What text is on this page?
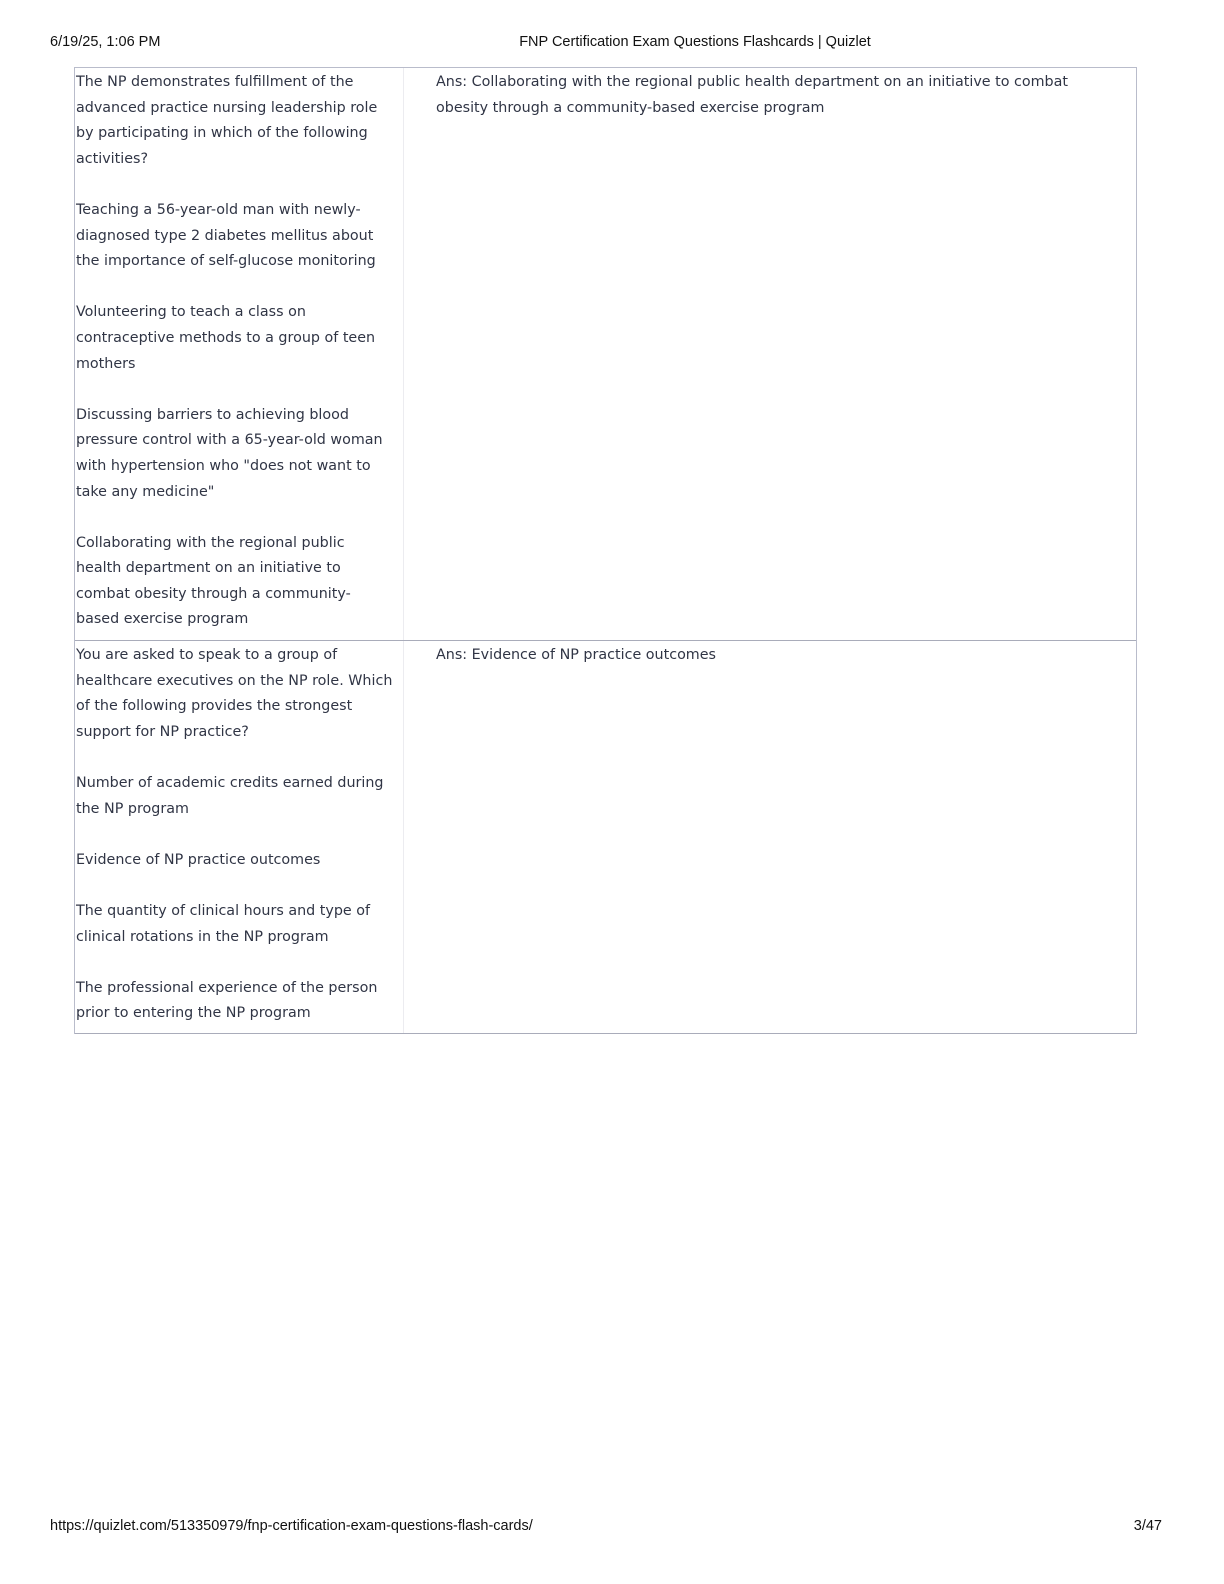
6/19/25, 1:06 PM	FNP Certification Exam Questions Flashcards | Quizlet

The NP demonstrates fulfillment of the advanced practice nursing leadership role by participating in which of the following activities?

Teaching a 56-year-old man with newly-diagnosed type 2 diabetes mellitus about the importance of self-glucose monitoring

Volunteering to teach a class on contraceptive methods to a group of teen mothers

Discussing barriers to achieving blood pressure control with a 65-year-old woman with hypertension who "does not want to take any medicine"

Collaborating with the regional public health department on an initiative to combat obesity through a community-based exercise program

Ans: Collaborating with the regional public health department on an initiative to combat obesity through a community-based exercise program

You are asked to speak to a group of healthcare executives on the NP role. Which of the following provides the strongest support for NP practice?

Number of academic credits earned during the NP program

Evidence of NP practice outcomes

The quantity of clinical hours and type of clinical rotations in the NP program

The professional experience of the person prior to entering the NP program

Ans: Evidence of NP practice outcomes

https://quizlet.com/513350979/fnp-certification-exam-questions-flash-cards/	3/47
